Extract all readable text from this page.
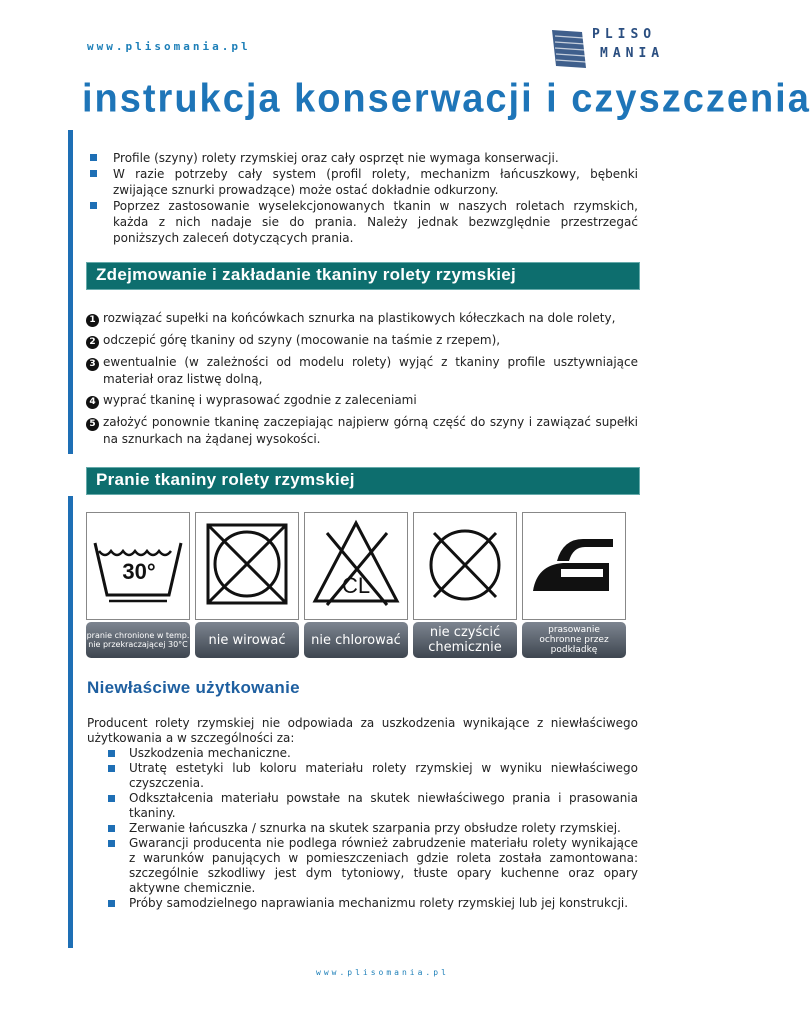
www.plisomania.pl
PLISO
MANIA
instrukcja konserwacji i czyszczenia
Profile (szyny) rolety rzymskiej oraz cały osprzęt nie wymaga konserwacji.
W razie potrzeby cały system (profil rolety, mechanizm łańcuszkowy, bębenki zwijające sznurki prowadzące) może ostać dokładnie odkurzony.
Poprzez zastosowanie wyselekcjonowanych tkanin w naszych roletach rzymskich, każda z nich nadaje sie do prania. Należy jednak bezwzględnie przestrzegać poniższych zaleceń dotyczących prania.
Zdejmowanie i zakładanie tkaniny rolety rzymskiej
1 rozwiązać supełki na końcówkach sznurka na plastikowych kółeczkach na dole rolety,
2 odczepić górę tkaniny od szyny (mocowanie na taśmie z rzepem),
3 ewentualnie (w zależności od modelu rolety) wyjąć z tkaniny profile usztywniające materiał oraz listwę dolną,
4 wyprać tkaninę i wyprasować zgodnie z zaleceniami
5 założyć ponownie tkaninę zaczepiając najpierw górną część do szyny i zawiązać supełki na sznurkach na żądanej wysokości.
Pranie tkaniny rolety rzymskiej
30°
CL
pranie chronione w temp. nie przekraczającej 30°C nie wirować nie chlorować	nie czyścić chemicznie
prasowanie ochronne przez podkładkę
Niewłaściwe użytkowanie
Producent rolety rzymskiej nie odpowiada za uszkodzenia wynikające z niewłaściwego użytkowania a w szczególności za:
Uszkodzenia mechaniczne.
Utratę estetyki lub koloru materiału rolety rzymskiej w wyniku niewłaściwego czyszczenia.
Odkształcenia materiału powstałe na skutek niewłaściwego prania i prasowania tkaniny.
Zerwanie łańcuszka / sznurka na skutek szarpania przy obsłudze rolety rzymskiej.
Gwarancji producenta nie podlega również zabrudzenie materiału rolety wynikające z warunków panujących w pomieszczeniach gdzie roleta została zamontowana: szczególnie szkodliwy jest dym tytoniowy, tłuste opary kuchenne oraz opary aktywne chemicznie.
Próby samodzielnego naprawiania mechanizmu rolety rzymskiej lub jej konstrukcji.
www.plisomania.pl
